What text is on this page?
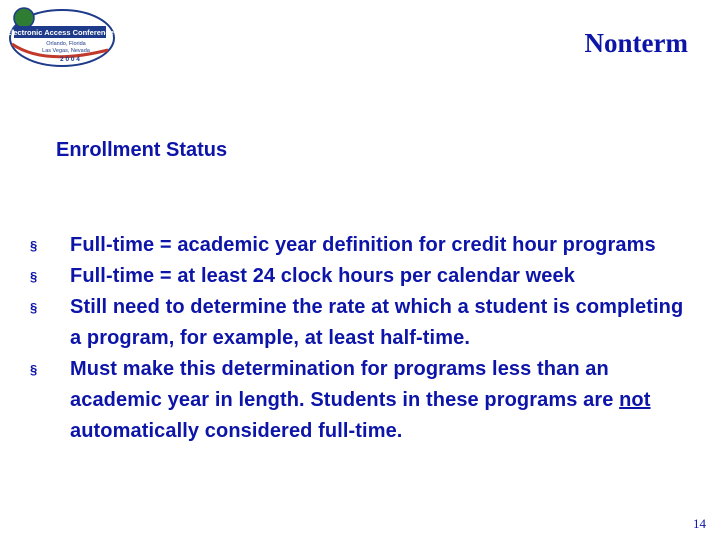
Electronic Access Conference
Orlando, Florida
Las Vegas, Nevada
2 0 0 4
Nonterm
Enrollment Status
§	Full-time = academic year definition for credit hour programs
§	Full-time = at least 24 clock hours per calendar week
§	Still need to determine the rate at which a student is completing a program, for example, at least half-time.
§	Must make this determination for programs less than an academic year in length. Students in these programs are not automatically considered full-time.
14
